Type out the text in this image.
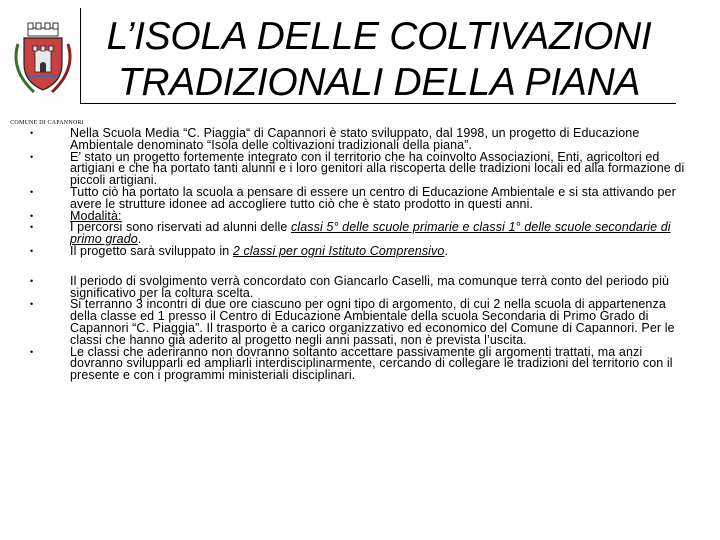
COMUNE DI CAPANNORI
L’ISOLA DELLE COLTIVAZIONI
TRADIZIONALI DELLA PIANA
•	Nella Scuola Media “C. Piaggia“ di Capannori è stato sviluppato, dal 1998, un progetto di Educazione Ambientale denominato “Isola delle coltivazioni tradizionali della piana”.
•	E’ stato un progetto fortemente integrato con il territorio che ha coinvolto Associazioni, Enti, agricoltori ed artigiani e che ha portato tanti alunni e i loro genitori alla riscoperta delle tradizioni locali ed alla formazione di piccoli artigiani.
•	Tutto ciò ha portato la scuola a pensare di essere un centro di Educazione Ambientale e si sta attivando per avere le strutture idonee ad accogliere tutto ciò che è stato prodotto in questi anni.
•	Modalità:
•	I percorsi sono riservati ad alunni delle classi 5° delle scuole primarie e classi 1° delle scuole secondarie di primo grado.
•	Il progetto sarà sviluppato in 2 classi per ogni Istituto Comprensivo.
•	Il periodo di svolgimento verrà concordato con Giancarlo Caselli, ma comunque terrà conto del periodo più significativo per la coltura scelta.
•	Si terranno 3 incontri di due ore ciascuno per ogni tipo di argomento, di cui 2 nella scuola di appartenenza della classe ed 1 presso il Centro di Educazione Ambientale della scuola Secondaria di Primo Grado di Capannori “C. Piaggia”. Il trasporto è a carico organizzativo ed economico del Comune di Capannori. Per le classi che hanno già aderito al progetto negli anni passati, non è prevista l’uscita.
•	Le classi che aderiranno non dovranno soltanto accettare passivamente gli argomenti trattati, ma anzi dovranno svilupparli ed ampliarli interdisciplinarmente, cercando di collegare le tradizioni del territorio con il presente e con i programmi ministeriali disciplinari.
